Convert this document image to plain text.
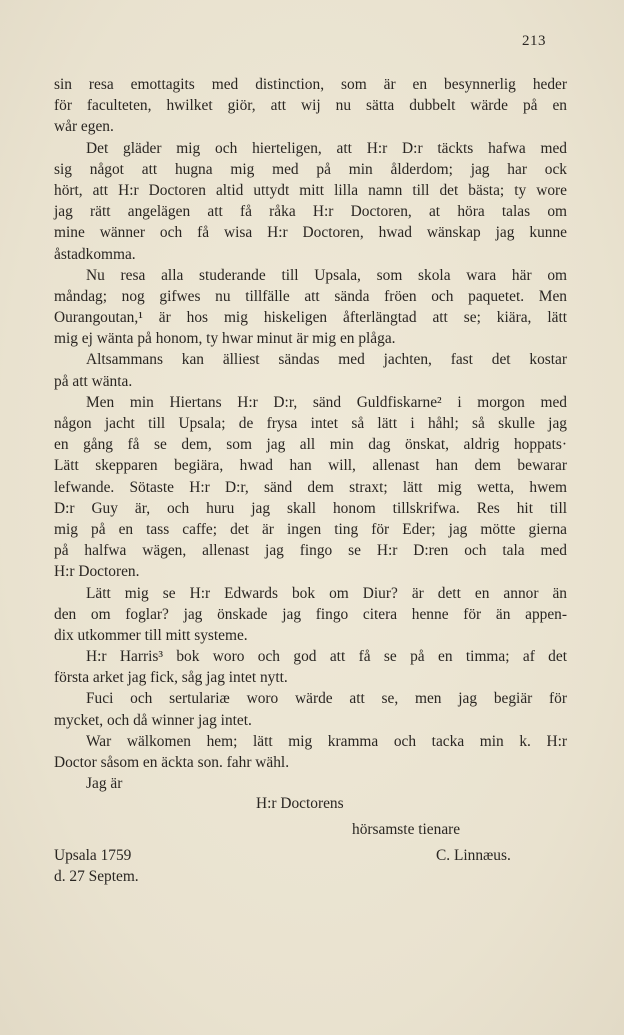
213
sin resa emottagits med distinction, som är en besynnerlig heder
för faculteten, hwilket giör, att wij nu sätta dubbelt wärde på en
wår egen.
Det gläder mig och hierteligen, att H:r D:r täckts hafwa med
sig något att hugna mig med på min ålderdom; jag har ock
hört, att H:r Doctoren altid uttydt mitt lilla namn till det bästa; ty wore
jag rätt angelägen att få råka H:r Doctoren, at höra talas om
mine wänner och få wisa H:r Doctoren, hwad wänskap jag kunne
åstadkomma.
Nu resa alla studerande till Upsala, som skola wara här om
måndag; nog gifwes nu tillfälle att sända fröen och paquetet. Men
Ourangoutan,¹ är hos mig hiskeligen åfterlängtad att se; kiära, lätt
mig ej wänta på honom, ty hwar minut är mig en plåga.
Altsammans kan älliest sändas med jachten, fast det kostar
på att wänta.
Men min Hiertans H:r D:r, sänd Guldfiskarne² i morgon med
någon jacht till Upsala; de frysa intet så lätt i håhl; så skulle jag
en gång få se dem, som jag all min dag önskat, aldrig hoppats·
Lätt skepparen begiära, hwad han will, allenast han dem bewarar
lefwande. Sötaste H:r D:r, sänd dem straxt; lätt mig wetta, hwem
D:r Guy är, och huru jag skall honom tillskrifwa. Res hit till
mig på en tass caffe; det är ingen ting för Eder; jag mötte gierna
på halfwa wägen, allenast jag fingo se H:r D:ren och tala med
H:r Doctoren.
Lätt mig se H:r Edwards bok om Diur? är dett en annor än
den om foglar? jag önskade jag fingo citera henne för än appen-
dix utkommer till mitt systeme.
H:r Harris³ bok woro och god att få se på en timma; af det
första arket jag fick, såg jag intet nytt.
Fuci och sertulariæ woro wärde att se, men jag begiär för
mycket, och då winner jag intet.
War wälkomen hem; lätt mig kramma och tacka min k. H:r
Doctor såsom en äckta son. fahr wähl.
Jag är
H:r Doctorens
hörsamste tienare
Upsala 1759	C. Linnæus.
d. 27 Septem.
